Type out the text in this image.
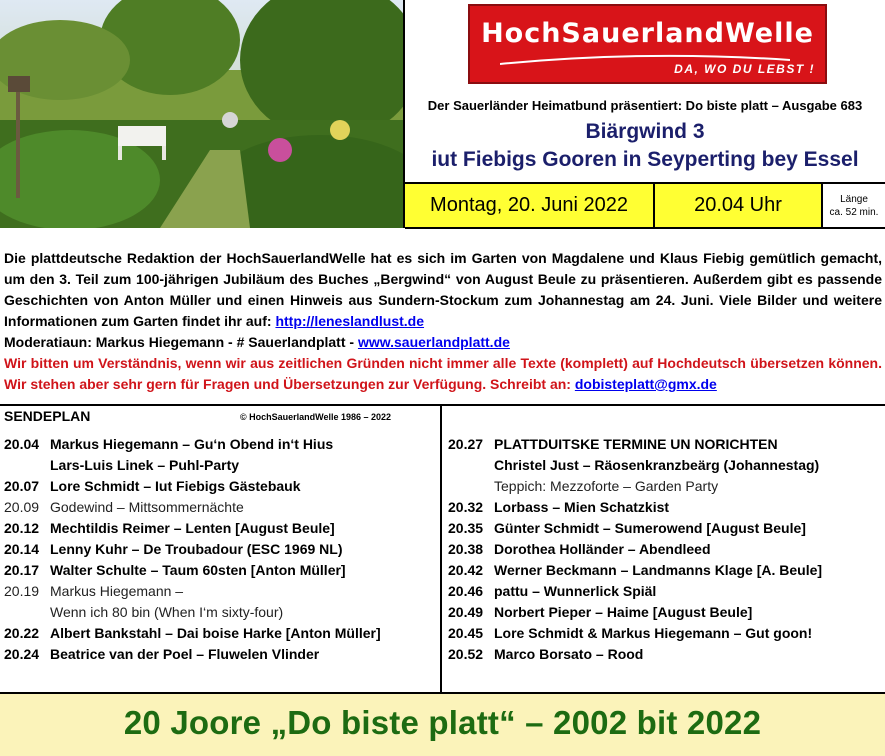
HochSauerlandWelle
DA, WO DU LEBST !
Der Sauerländer Heimatbund präsentiert: Do biste platt – Ausgabe 683
Biärgwind 3
iut Fiebigs Gooren in Seyperting bey Essel
Montag, 20. Juni 2022	20.04 Uhr	Länge
ca. 52 min.

Die plattdeutsche Redaktion der HochSauerlandWelle hat es sich im Garten von Magdalene und Klaus Fiebig gemütlich gemacht, um den 3. Teil zum 100-jährigen Jubiläum des Buches „Bergwind“ von August Beule zu präsentieren. Außerdem gibt es passende Geschichten von Anton Müller und einen Hinweis aus Sundern-Stockum zum Johannestag am 24. Juni. Viele Bilder und weitere Informationen zum Garten findet ihr auf: http://leneslandlust.de

Moderatiaun: Markus Hiegemann - # Sauerlandplatt - www.sauerlandplatt.de

Wir bitten um Verständnis, wenn wir aus zeitlichen Gründen nicht immer alle Texte (komplett) auf Hochdeutsch übersetzen können. Wir stehen aber sehr gern für Fragen und Übersetzungen zur Verfügung. Schreibt an: dobisteplatt@gmx.de

SENDEPLAN	© HochSauerlandWelle 1986 – 2022
20.04 Markus Hiegemann – Gu‘n Obend in‘t Hius
Lars-Luis Linek – Puhl-Party
20.07 Lore Schmidt – Iut Fiebigs Gästebauk
20.09 Godewind – Mittsommernächte
20.12 Mechtildis Reimer – Lenten [August Beule]
20.14 Lenny Kuhr – De Troubadour (ESC 1969 NL)
20.17 Walter Schulte – Taum 60sten [Anton Müller]
20.19 Markus Hiegemann –
Wenn ich 80 bin (When I‘m sixty-four)
20.22 Albert Bankstahl – Dai boise Harke [Anton Müller]
20.24 Beatrice van der Poel – Fluwelen Vlinder
20.27 PLATTDUITSKE TERMINE UN NORICHTEN
Christel Just – Räosenkranzbeärg (Johannestag)
Teppich: Mezzoforte – Garden Party
20.32 Lorbass – Mien Schatzkist
20.35 Günter Schmidt – Sumerowend [August Beule]
20.38 Dorothea Holländer – Abendleed
20.42 Werner Beckmann – Landmanns Klage [A. Beule]
20.46 pattu – Wunnerlick Spiäl
20.49 Norbert Pieper – Haime [August Beule]
20.45 Lore Schmidt & Markus Hiegemann – Gut goon!
20.52 Marco Borsato – Rood
20 Joore „Do biste platt“ – 2002 bit 2022
